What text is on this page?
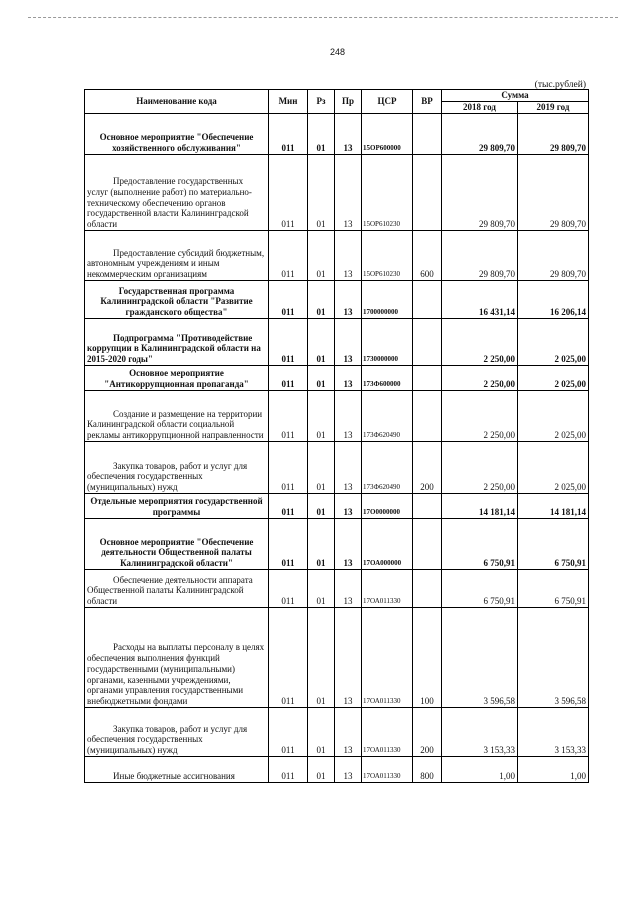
248
(тыс.рублей)
Наименование кода	Мин	Рз	Пр	ЦСР	ВР	Сумма	
						2018 год	2019 год
Основное мероприятие "Обеспечение хозяйственного обслуживания"	011	01	13	15ОР600000		29 809,70	29 809,70
Предоставление государственных услуг (выполнение работ) по материально-техническому обеспечению органов государственной власти Калининградской области	011	01	13	15ОР610230		29 809,70	29 809,70
Предоставление субсидий бюджетным, автономным учреждениям и иным некоммерческим организациям	011	01	13	15ОР610230	600	29 809,70	29 809,70
Государственная программа Калининградской области "Развитие гражданского общества"	011	01	13	1700000000		16 431,14	16 206,14
Подпрограмма "Противодействие коррупции в Калининградской области на 2015-2020 годы"	011	01	13	1730000000		2 250,00	2 025,00
Основное мероприятие "Антикоррупционная пропаганда"	011	01	13	173Ф600000		2 250,00	2 025,00
Создание и размещение на территории Калининградской области социальной рекламы антикоррупционной направленности	011	01	13	173Ф620490		2 250,00	2 025,00
Закупка товаров, работ и услуг для обеспечения государственных (муниципальных) нужд	011	01	13	173Ф620490	200	2 250,00	2 025,00
Отдельные мероприятия государственной программы	011	01	13	17О0000000		14 181,14	14 181,14
Основное мероприятие "Обеспечение деятельности Общественной палаты Калининградской области"	011	01	13	17ОА000000		6 750,91	6 750,91
Обеспечение деятельности аппарата Общественной палаты Калининградской области	011	01	13	17ОА011330		6 750,91	6 750,91
Расходы на выплаты персоналу в целях обеспечения выполнения функций государственными (муниципальными) органами, казенными учреждениями, органами управления государственными внебюджетными фондами	011	01	13	17ОА011330	100	3 596,58	3 596,58
Закупка товаров, работ и услуг для обеспечения государственных (муниципальных) нужд	011	01	13	17ОА011330	200	3 153,33	3 153,33
Иные бюджетные ассигнования	011	01	13	17ОА011330	800	1,00	1,00
